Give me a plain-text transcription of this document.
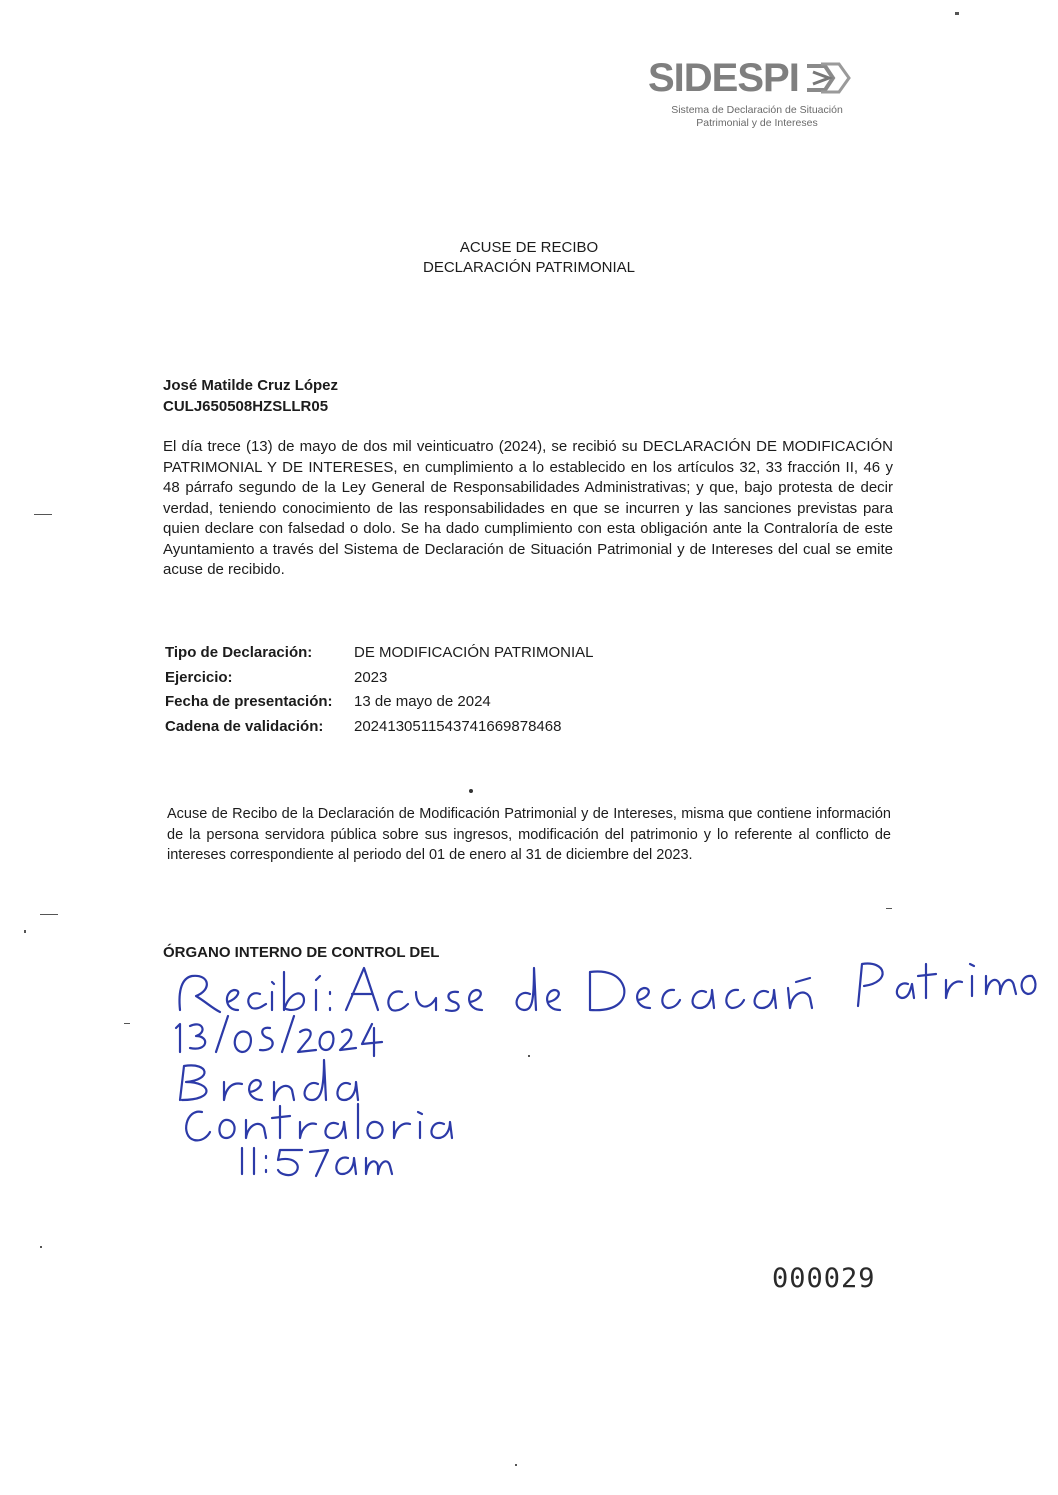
SIDESPI
Sistema de Declaración de Situación
Patrimonial y de Intereses
ACUSE DE RECIBO
DECLARACIÓN PATRIMONIAL
José Matilde Cruz López
CULJ650508HZSLLR05
El día trece (13) de mayo de dos mil veinticuatro (2024), se recibió su DECLARACIÓN DE MODIFICACIÓN PATRIMONIAL Y DE INTERESES, en cumplimiento a lo establecido en los artículos 32, 33 fracción II, 46 y 48 párrafo segundo de la Ley General de Responsabilidades Administrativas; y que, bajo protesta de decir verdad, teniendo conocimiento de las responsabilidades en que se incurren y las sanciones previstas para quien declare con falsedad o dolo. Se ha dado cumplimiento con esta obligación ante la Contraloría de este Ayuntamiento a través del Sistema de Declaración de Situación Patrimonial y de Intereses del cual se emite acuse de recibido.
Tipo de Declaración:	DE MODIFICACIÓN PATRIMONIAL
Ejercicio:	2023
Fecha de presentación: 13 de mayo de 2024
Cadena de validación: 20241305115437416698784​68
Acuse de Recibo de la Declaración de Modificación Patrimonial y de Intereses, misma que contiene información de la persona servidora pública sobre sus ingresos, modificación del patrimonio y lo referente al conflicto de intereses correspondiente al periodo del 01 de enero al 31 de diciembre del 2023.
ÓRGANO INTERNO DE CONTROL DEL
000029
